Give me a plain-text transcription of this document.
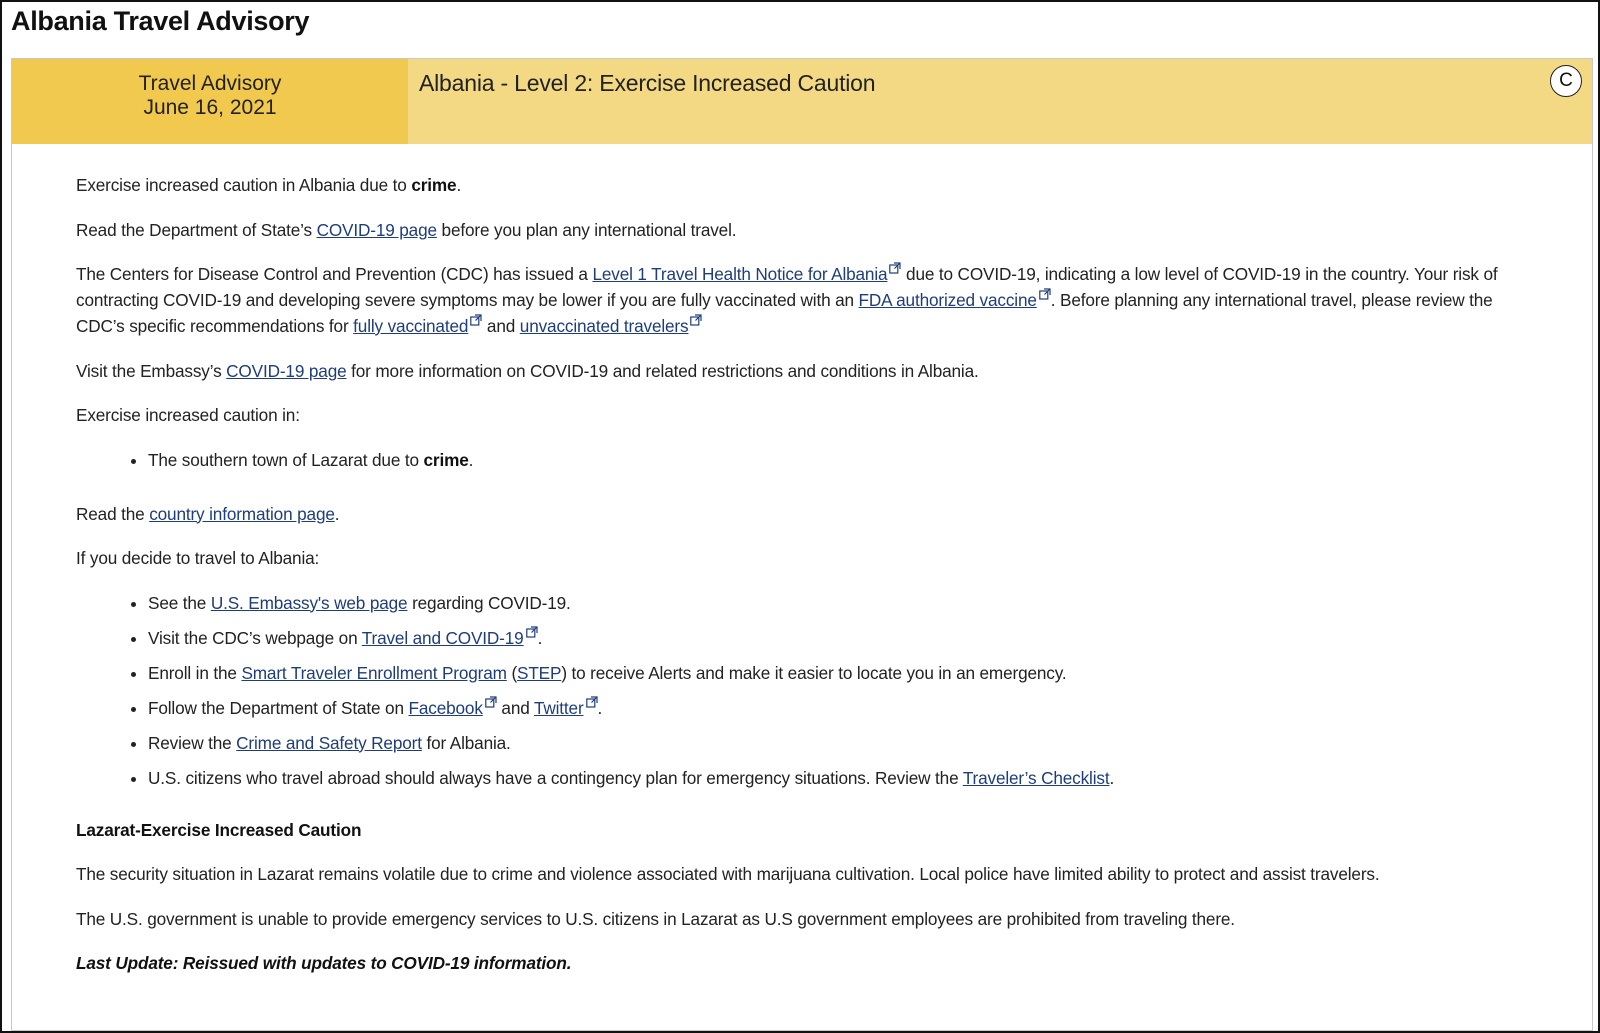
Albania Travel Advisory
Travel Advisory
June 16, 2021
Albania - Level 2: Exercise Increased Caution	C

Exercise increased caution in Albania due to crime.

Read the Department of State’s COVID-19 page before you plan any international travel.

The Centers for Disease Control and Prevention (CDC) has issued a Level 1 Travel Health Notice for Albania
due to COVID-19, indicating a low level of COVID-19 in the country. Your risk of contracting COVID-19 and developing severe symptoms may be lower if you are fully vaccinated with an FDA authorized vaccine . Before planning any international travel, please review the CDC’s specific recommendations for fully vaccinated
and unvaccinated travelers

Visit the Embassy’s COVID-19 page for more information on COVID-19 and related restrictions and conditions in Albania.

Exercise increased caution in:

• The southern town of Lazarat due to crime.

Read the country information page.

If you decide to travel to Albania:

• See the U.S. Embassy's web page regarding COVID-19.
• Visit the CDC’s webpage on Travel and COVID-19 .
• Enroll in the Smart Traveler Enrollment Program (STEP) to receive Alerts and make it easier to locate you in an emergency.
• Follow the Department of State on Facebook
and Twitter .
• Review the Crime and Safety Report for Albania.
• U.S. citizens who travel abroad should always have a contingency plan for emergency situations. Review the Traveler’s Checklist.

Lazarat-Exercise Increased Caution

The security situation in Lazarat remains volatile due to crime and violence associated with marijuana cultivation. Local police have limited ability to protect and assist travelers.

The U.S. government is unable to provide emergency services to U.S. citizens in Lazarat as U.S government employees are prohibited from traveling there.

Last Update: Reissued with updates to COVID-19 information.
